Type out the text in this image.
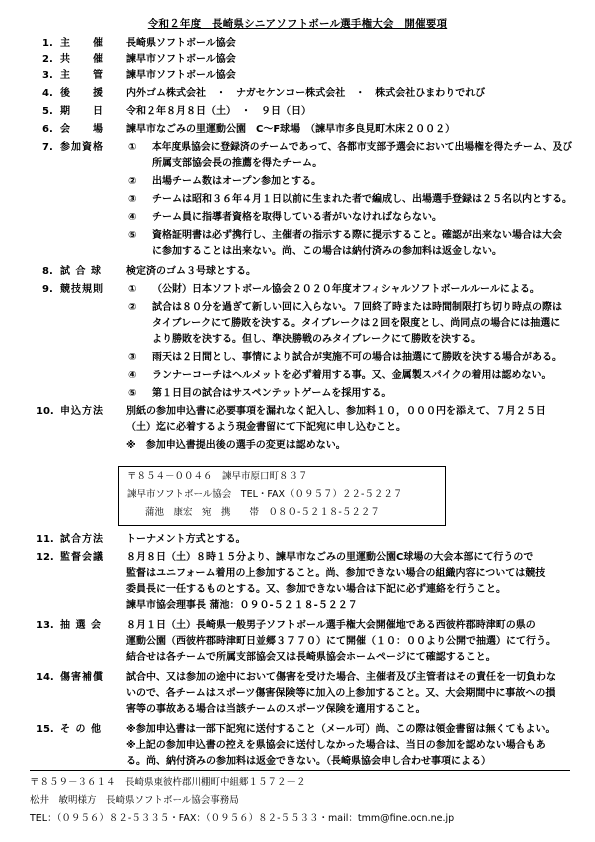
令和２年度　長崎県シニアソフトボール選手権大会　開催要項
1. 主　　催	長崎県ソフトボール協会
2. 共　　催	諫早市ソフトボール協会
3. 主　　管	諫早市ソフトボール協会
4. 後　　援	内外ゴム株式会社　・　ナガセケンコー株式会社　・　株式会社ひまわりでれび
5. 期　　日	令和２年８月８日（土）　・　９日（日）
6. 会　　場	諫早市なごみの里運動公園　C～F球場　（諫早市多良見町木床２００２）
7. 参加資格	① 本年度県協会に登録済のチームであって、各都市支部予選会において出場権を得たチーム、及び
所属支部協会長の推薦を得たチーム。
② 出場チーム数はオープン参加とする。
③ チームは昭和３６年４月１日以前に生まれた者で編成し、出場選手登録は２５名以内とする。
④ チーム員に指導者資格を取得している者がいなければならない。
⑤ 資格証明書は必ず携行し、主催者の指示する際に提示すること。確認が出来ない場合は大会
に参加することは出来ない。尚、この場合は納付済みの参加料は返金しない。
8. 試 合 球	検定済のゴム３号球とする。
9. 競技規則	① （公財）日本ソフトボール協会２０２０年度オフィシャルソフトボールルールによる。
② 試合は８０分を過ぎて新しい回に入らない。７回終了時または時間制限打ち切り時点の際は
タイブレークにて勝敗を決する。タイブレークは２回を限度とし、尚同点の場合には抽選に
より勝敗を決する。但し、準決勝戦のみタイブレークにて勝敗を決する。
③ 雨天は２日間とし、事情により試合が実施不可の場合は抽選にて勝敗を決する場合がある。
④ ランナーコーチはヘルメットを必ず着用する事。又、金属製スパイクの着用は認めない。
⑤ 第１日目の試合はサスペンテットゲームを採用する。
10. 申込方法	別紙の参加申込書に必要事項を漏れなく記入し、参加料１０，０００円を添えて、７月２５日
（土）迄に必着するよう現金書留にて下記宛に申し込むこと。
※　参加申込書提出後の選手の変更は認めない。
〒８５４－００４６　諫早市原口町８３７
諫早市ソフトボール協会　TEL・FAX（０９５７）２２-５２２７
蒲池　康宏　宛　携　　帯　０８０-５２１８-５２２７
11. 試合方法	トーナメント方式とする。
12. 監督会議	８月８日（土）８時１５分より、諫早市なごみの里運動公園C球場の大会本部にて行うので
監督はユニフォーム着用の上参加すること。尚、参加できない場合の組織内容については競技
委員長に一任するものとする。又、参加できない場合は下記に必ず連絡を行うこと。
諫早市協会理事長 蒲池：０９０-５２１８-５２２７
13. 抽 選 会	８月１日（土）長崎県一般男子ソフトボール選手権大会開催地である西彼杵郡時津町の県の
運動公園（西彼杵郡時津町日並郷３７７０）にて開催（１０：００より公開で抽選）にて行う。
結合せは各チームで所属支部協会又は長崎県協会ホームページにて確認すること。
14. 傷害補償	試合中、又は参加の途中において傷害を受けた場合、主催者及び主管者はその責任を一切負わな
いので、各チームはスポーツ傷害保険等に加入の上参加すること。又、大会期間中に事故への損
害等の事故ある場合は当該チームのスポーツ保険を適用すること。
15. そ の 他	※参加申込書は一部下記宛に送付すること（メール可）尚、この際は領金書留は無くてもよい。
※上記の参加申込書の控えを県協会に送付しなかった場合は、当日の参加を認めない場合もあ
る。尚、納付済みの参加料は返金できない。（長崎県協会申し合わせ事項による）
〒８５９－３６１４　長崎県東彼杵郡川棚町中組郷１５７２－２
松井　敏明様方　長崎県ソフトボール協会事務局
TEL：（０９５６）８２-５３３５・FAX：（０９５６）８２-５５３３・mail：tmm@fine.ocn.ne.jp
